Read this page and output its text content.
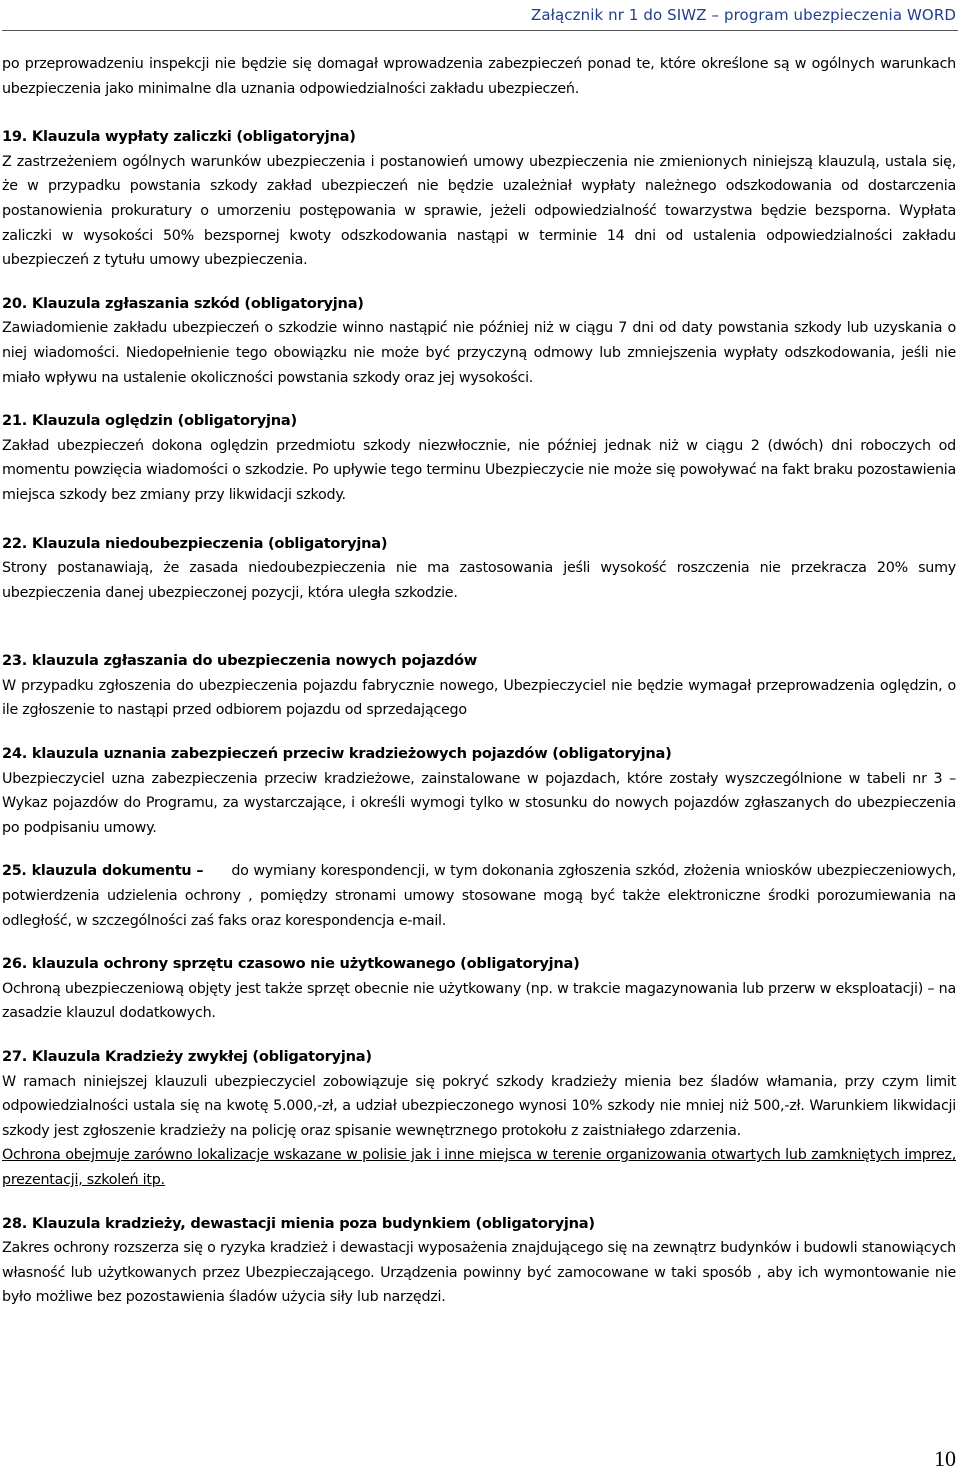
Załącznik nr 1 do SIWZ – program ubezpieczenia WORD

po przeprowadzeniu inspekcji nie będzie się domagał wprowadzenia zabezpieczeń ponad te, które określone są w ogólnych warunkach ubezpieczenia jako minimalne dla uznania odpowiedzialności zakładu ubezpieczeń.

19. Klauzula wypłaty zaliczki (obligatoryjna)

Z zastrzeżeniem ogólnych warunków ubezpieczenia i postanowień umowy ubezpieczenia nie zmienionych niniejszą klauzulą, ustala się, że w przypadku powstania szkody zakład ubezpieczeń nie będzie uzależniał wypłaty należnego odszkodowania od dostarczenia postanowienia prokuratury o umorzeniu postępowania w sprawie, jeżeli odpowiedzialność towarzystwa będzie bezsporna. Wypłata zaliczki w wysokości 50% bezspornej kwoty odszkodowania nastąpi w terminie 14 dni od ustalenia odpowiedzialności zakładu ubezpieczeń z tytułu umowy ubezpieczenia.

20. Klauzula zgłaszania szkód (obligatoryjna)

Zawiadomienie zakładu ubezpieczeń o szkodzie winno nastąpić nie później niż w ciągu 7 dni od daty powstania szkody lub uzyskania o niej wiadomości. Niedopełnienie tego obowiązku nie może być przyczyną odmowy lub zmniejszenia wypłaty odszkodowania, jeśli nie miało wpływu na ustalenie okoliczności powstania szkody oraz jej wysokości.

21. Klauzula oględzin (obligatoryjna)

Zakład ubezpieczeń dokona oględzin przedmiotu szkody niezwłocznie, nie później jednak niż w ciągu 2 (dwóch) dni roboczych od momentu powzięcia wiadomości o szkodzie. Po upływie tego terminu Ubezpieczycie nie może się powoływać na fakt braku pozostawienia miejsca szkody bez zmiany przy likwidacji szkody.

22. Klauzula niedoubezpieczenia (obligatoryjna)

Strony postanawiają, że zasada niedoubezpieczenia nie ma zastosowania jeśli wysokość roszczenia nie przekracza 20% sumy ubezpieczenia danej ubezpieczonej pozycji, która uległa szkodzie.

23. klauzula zgłaszania do ubezpieczenia nowych pojazdów

W przypadku zgłoszenia do ubezpieczenia pojazdu fabrycznie nowego, Ubezpieczyciel nie będzie wymagał przeprowadzenia oględzin, o ile zgłoszenie to nastąpi przed odbiorem pojazdu od sprzedającego

24. klauzula uznania zabezpieczeń przeciw kradzieżowych pojazdów (obligatoryjna)

Ubezpieczyciel uzna zabezpieczenia przeciw kradzieżowe, zainstalowane w pojazdach, które zostały wyszczególnione w tabeli nr 3 – Wykaz pojazdów do Programu, za wystarczające, i określi wymogi tylko w stosunku do nowych pojazdów zgłaszanych do ubezpieczenia po podpisaniu umowy.

25. klauzula dokumentu – do wymiany korespondencji, w tym dokonania zgłoszenia szkód, złożenia wniosków ubezpieczeniowych, potwierdzenia udzielenia ochrony , pomiędzy stronami umowy stosowane mogą być także elektroniczne środki porozumiewania na odległość, w szczególności zaś faks oraz korespondencja e-mail.

26. klauzula ochrony sprzętu czasowo nie użytkowanego (obligatoryjna)

Ochroną ubezpieczeniową objęty jest także sprzęt obecnie nie użytkowany (np. w trakcie magazynowania lub przerw w eksploatacji) – na zasadzie klauzul dodatkowych.

27. Klauzula Kradzieży zwykłej (obligatoryjna)

W ramach niniejszej klauzuli ubezpieczyciel zobowiązuje się pokryć szkody kradzieży mienia bez śladów włamania, przy czym limit odpowiedzialności ustala się na kwotę 5.000,-zł, a udział ubezpieczonego wynosi 10% szkody nie mniej niż 500,-zł. Warunkiem likwidacji szkody jest zgłoszenie kradzieży na policję oraz spisanie wewnętrznego protokołu z zaistniałego zdarzenia.

Ochrona obejmuje zarówno lokalizacje wskazane w polisie jak i inne miejsca w terenie organizowania otwartych lub zamkniętych imprez, prezentacji, szkoleń itp.

28. Klauzula kradzieży, dewastacji mienia poza budynkiem (obligatoryjna)

Zakres ochrony rozszerza się o ryzyka kradzież i dewastacji wyposażenia znajdującego się na zewnątrz budynków i budowli stanowiących własność lub użytkowanych przez Ubezpieczającego. Urządzenia powinny być zamocowane w taki sposób , aby ich wymontowanie nie było możliwe bez pozostawienia śladów użycia siły lub narzędzi.

10
